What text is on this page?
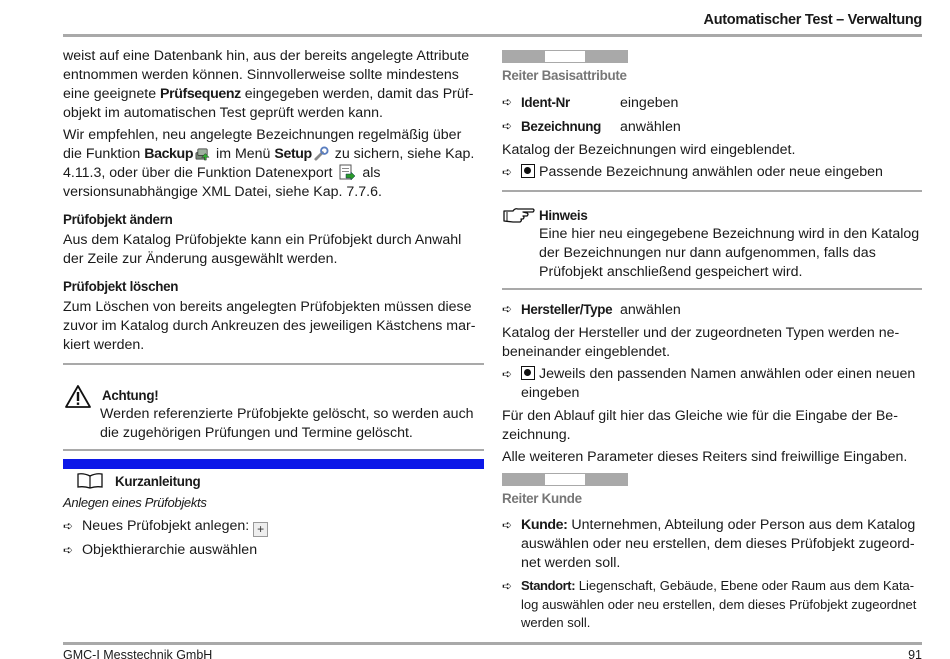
Automatischer Test – Verwaltung

weist auf eine Datenbank hin, aus der bereits angelegte Attribute entnommen werden können. Sinnvollerweise sollte mindestens eine geeignete Prüfsequenz eingegeben werden, damit das Prüfobjekt im automatischen Test geprüft werden kann.

Wir empfehlen, neu angelegte Bezeichnungen regelmäßig über die Funktion Backup im Menü Setup zu sichern, siehe Kap. 4.11.3, oder über die Funktion Datenexport  als versionsunabhängige XML Datei, siehe Kap. 7.7.6.

Prüfobjekt ändern

Aus dem Katalog Prüfobjekte kann ein Prüfobjekt durch Anwahl der Zeile zur Änderung ausgewählt werden.

Prüfobjekt löschen

Zum Löschen von bereits angelegten Prüfobjekten müssen diese zuvor im Katalog durch Ankreuzen des jeweiligen Kästchens markiert werden.

Achtung!
Werden referenzierte Prüfobjekte gelöscht, so werden auch die zugehörigen Prüfungen und Termine gelöscht.
Kurzanleitung
Anlegen eines Prüfobjekts
➪ Neues Prüfobjekt anlegen: +
➪ Objekthierarchie auswählen
Reiter Basisattribute
➪ Ident-Nr	eingeben
➪ Bezeichnung anwählen

Katalog der Bezeichnungen wird eingeblendet.

➪ Passende Bezeichnung anwählen oder neue eingeben
Hinweis
Eine hier neu eingegebene Bezeichnung wird in den Katalog der Bezeichnungen nur dann aufgenommen, falls das Prüfobjekt anschließend gespeichert wird.
➪ Hersteller/Type anwählen

Katalog der Hersteller und der zugeordneten Typen werden nebeneinander eingeblendet.

➪ Jeweils den passenden Namen anwählen oder einen neuen eingeben

Für den Ablauf gilt hier das Gleiche wie für die Eingabe der Bezeichnung.

Alle weiteren Parameter dieses Reiters sind freiwillige Eingaben.

Reiter Kunde
➪ Kunde: Unternehmen, Abteilung oder Person aus dem Katalog auswählen oder neu erstellen, dem dieses Prüfobjekt zugeordnet werden soll.
➪ Standort: Liegenschaft, Gebäude, Ebene oder Raum aus dem Katalog auswählen oder neu erstellen, dem dieses Prüfobjekt zugeordnet werden soll.
GMC-I Messtechnik GmbH	91
